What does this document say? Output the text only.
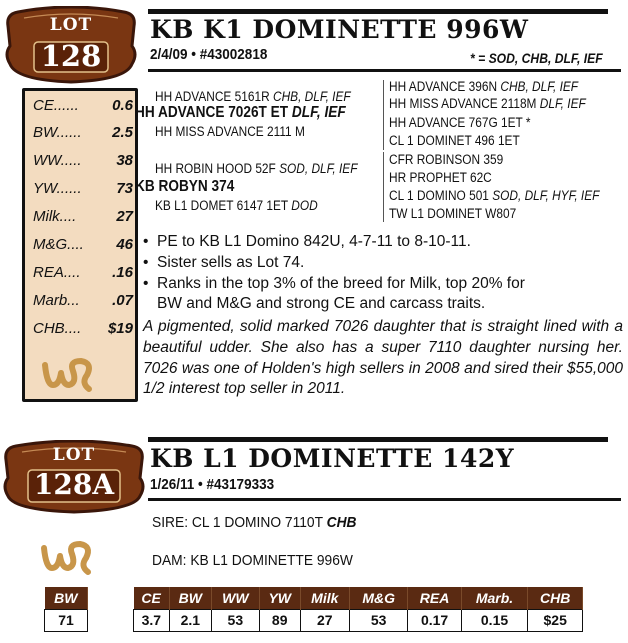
LOT
128
KB K1 DOMINETTE 996W
2/4/09 • #43002818	* = SOD, CHB, DLF, IEF
CE...... 0.6
BW...... 2.5
WW..... 38
YW...... 73
Milk....	27
M&G.... 46
REA.... .16
Marb... .07
CHB.... $19
HH ADVANCE 5161R CHB, DLF, IEF
HH ADVANCE 7026T ET DLF, IEF
HH MISS ADVANCE 2111 M
HH ROBIN HOOD 52F SOD, DLF, IEF
KB ROBYN 374
KB L1 DOMET 6147 1ET DOD
HH ADVANCE 396N CHB, DLF, IEF
HH MISS ADVANCE 2118M DLF, IEF
HH ADVANCE 767G 1ET *
CL 1 DOMINET 496 1ET
CFR ROBINSON 359
HR PROPHET 62C
CL 1 DOMINO 501 SOD, DLF, HYF, IEF
TW L1 DOMINET W807
• PE to KB L1 Domino 842U, 4-7-11 to 8-10-11.
• Sister sells as Lot 74.
• Ranks in the top 3% of the breed for Milk, top 20% for
BW and M&G and strong CE and carcass traits.
A pigmented, solid marked 7026 daughter that is straight lined with a beautiful udder. She also has a super 7110 daughter nursing her. 7026 was one of Holden's high sellers in 2008 and sired their $55,000 1/2 interest top seller in 2011.
LOT
128A
KB L1 DOMINETTE 142Y
1/26/11 • #43179333
SIRE: CL 1 DOMINO 7110T CHB
DAM: KB L1 DOMINETTE 996W
BW
71
CE	BW	WW	YW	Milk	M&G	REA	Marb.	CHB
3.7	2.1	53	89	27	53	0.17	0.15	$25
